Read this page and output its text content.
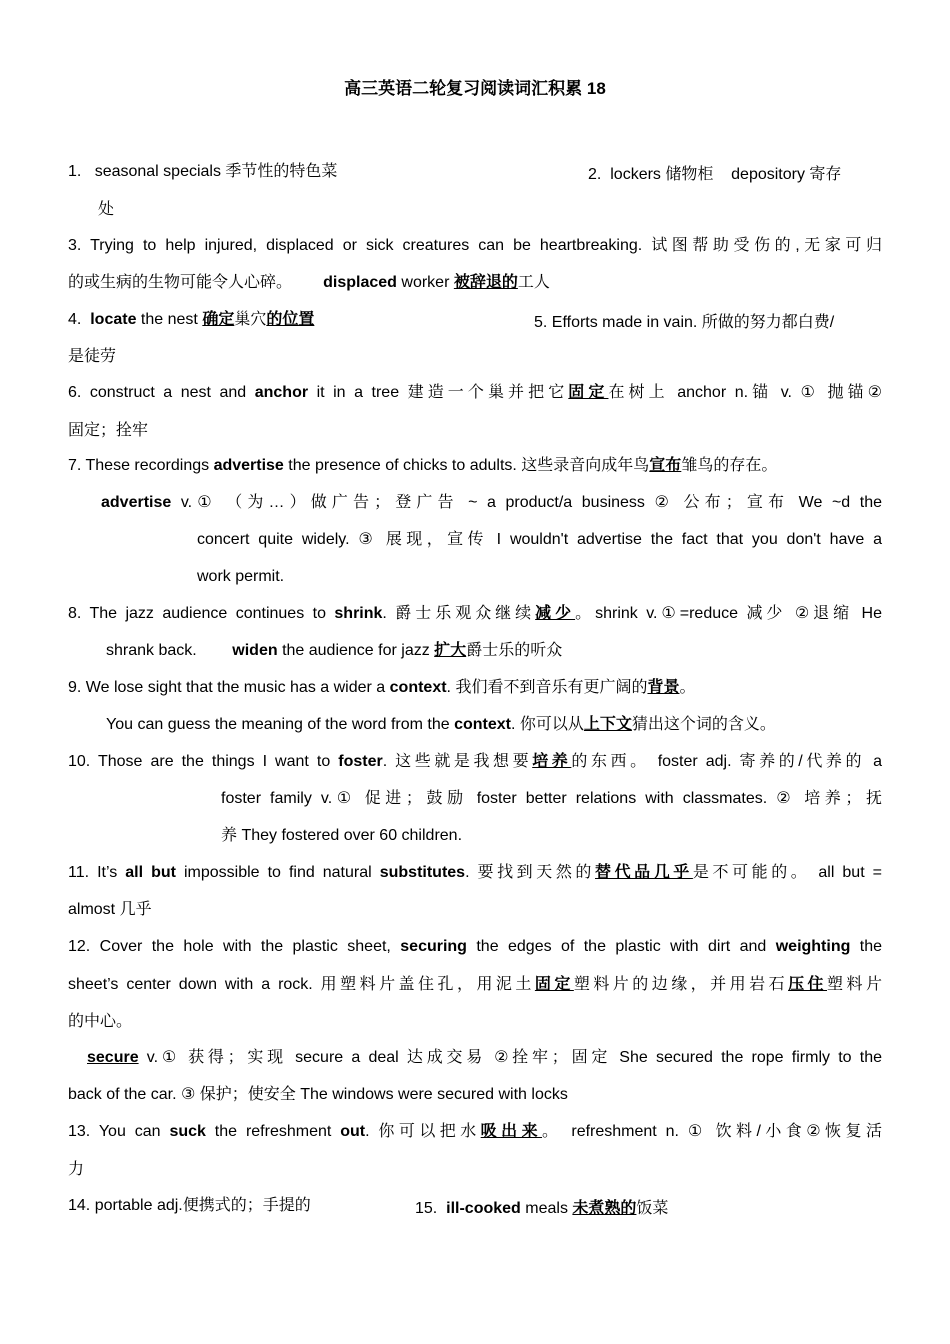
高三英语二轮复习阅读词汇积累 18
1. seasonal specials 季节性的特色菜	2. lockers 储物柜 depository 寄存
处
3. Trying to help injured, displaced or sick creatures can be heartbreaking. 试图帮助受伤的,无家可归
的或生病的生物可能令人心碎。 displaced worker 被辞退的工人
4. locate the nest 确定巢穴的位置	5. Efforts made in vain. 所做的努力都白费/
是徒劳
6. construct a nest and anchor it in a tree 建造一个巢并把它固定在树上 anchor n.锚 v. ① 抛锚②
固定；拴牢
7. These recordings advertise the presence of chicks to adults. 这些录音向成年鸟宣布雏鸟的存在。
advertise v.① （为…）做广告；登广告 ~ a product/a business ② 公布；宣布 We ~d the
concert quite widely. ③ 展现，宣传 I wouldn't advertise the fact that you don't have a
work permit.
8. The jazz audience continues to shrink. 爵士乐观众继续减少。shrink v.①=reduce 减少 ②退缩 He
shrank back. widen the audience for jazz 扩大爵士乐的听众
9. We lose sight that the music has a wider a context. 我们看不到音乐有更广阔的背景。
You can guess the meaning of the word from the context. 你可以从上下文猜出这个词的含义。
10. Those are the things I want to foster. 这些就是我想要培养的东西。 foster adj. 寄养的/代养的 a
foster family v.① 促进；鼓励 foster better relations with classmates. ② 培养；抚
养 They fostered over 60 children.
11. It’s all but impossible to find natural substitutes. 要找到天然的替代品几乎是不可能的。 all but =
almost 几乎
12. Cover the hole with the plastic sheet, securing the edges of the plastic with dirt and weighting the
sheet’s center down with a rock. 用塑料片盖住孔，用泥土固定塑料片的边缘，并用岩石压住塑料片
的中心。
secure v.① 获得；实现 secure a deal 达成交易 ②拴牢；固定 She secured the rope firmly to the
back of the car. ③ 保护；使安全 The windows were secured with locks
13. You can suck the refreshment out. 你可以把水吸出来。 refreshment n. ① 饮料/小食②恢复活
力
14. portable adj.便携式的；手提的	15. ill-cooked meals 未煮熟的饭菜
